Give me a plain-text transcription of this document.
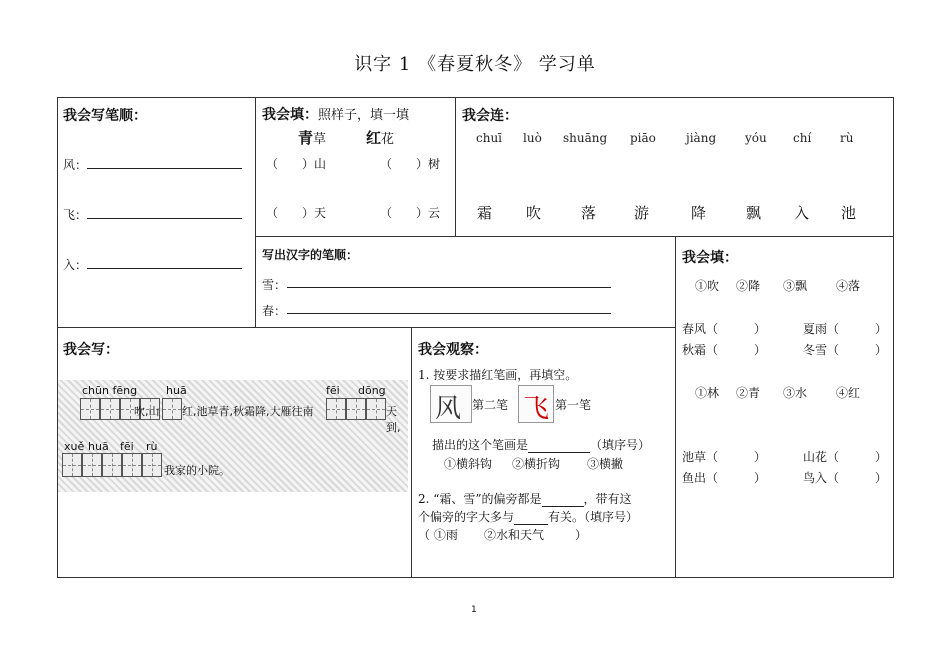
识字 1 《春夏秋冬》 学习单
我会写笔顺：
风：
飞：
入：
我会填：照样子，填一填
青草	红花
（　　）山	（　　）树
（　　）天	（　　）云
我会连：
chuī luò shuāng piāo	jiàng yóu chí rù
霜 吹	落	游	降	飘 入 池
写出汉字的笔顺：
雪：
春：
我会填：
①吹 ②降 ③飘 ④落
春风（　　　）	夏雨（　　　）
秋霜（　　　）	冬雪（　　　）
①林 ②青 ③水 ④红
池草（　　　）	山花（　　　）
鱼出（　　　）	鸟入（　　　）
我会写：
chūn fēng	huā	fēi dōng
吹,山 红,池草青,秋霜降,大雁往南	天到,
xuě huā fēi rù
我家的小院。
我会观察：
1. 按要求描红笔画，再填空。
风 第二笔 飞 第一笔
描出的这个笔画是	（填序号）
①横斜钩 ②横折钩 ③横撇
2. “霜、雪”的偏旁都是	，带有这
个偏旁的字大多与	有关。（填序号）
（ ①雨 ②水和天气	）
1
